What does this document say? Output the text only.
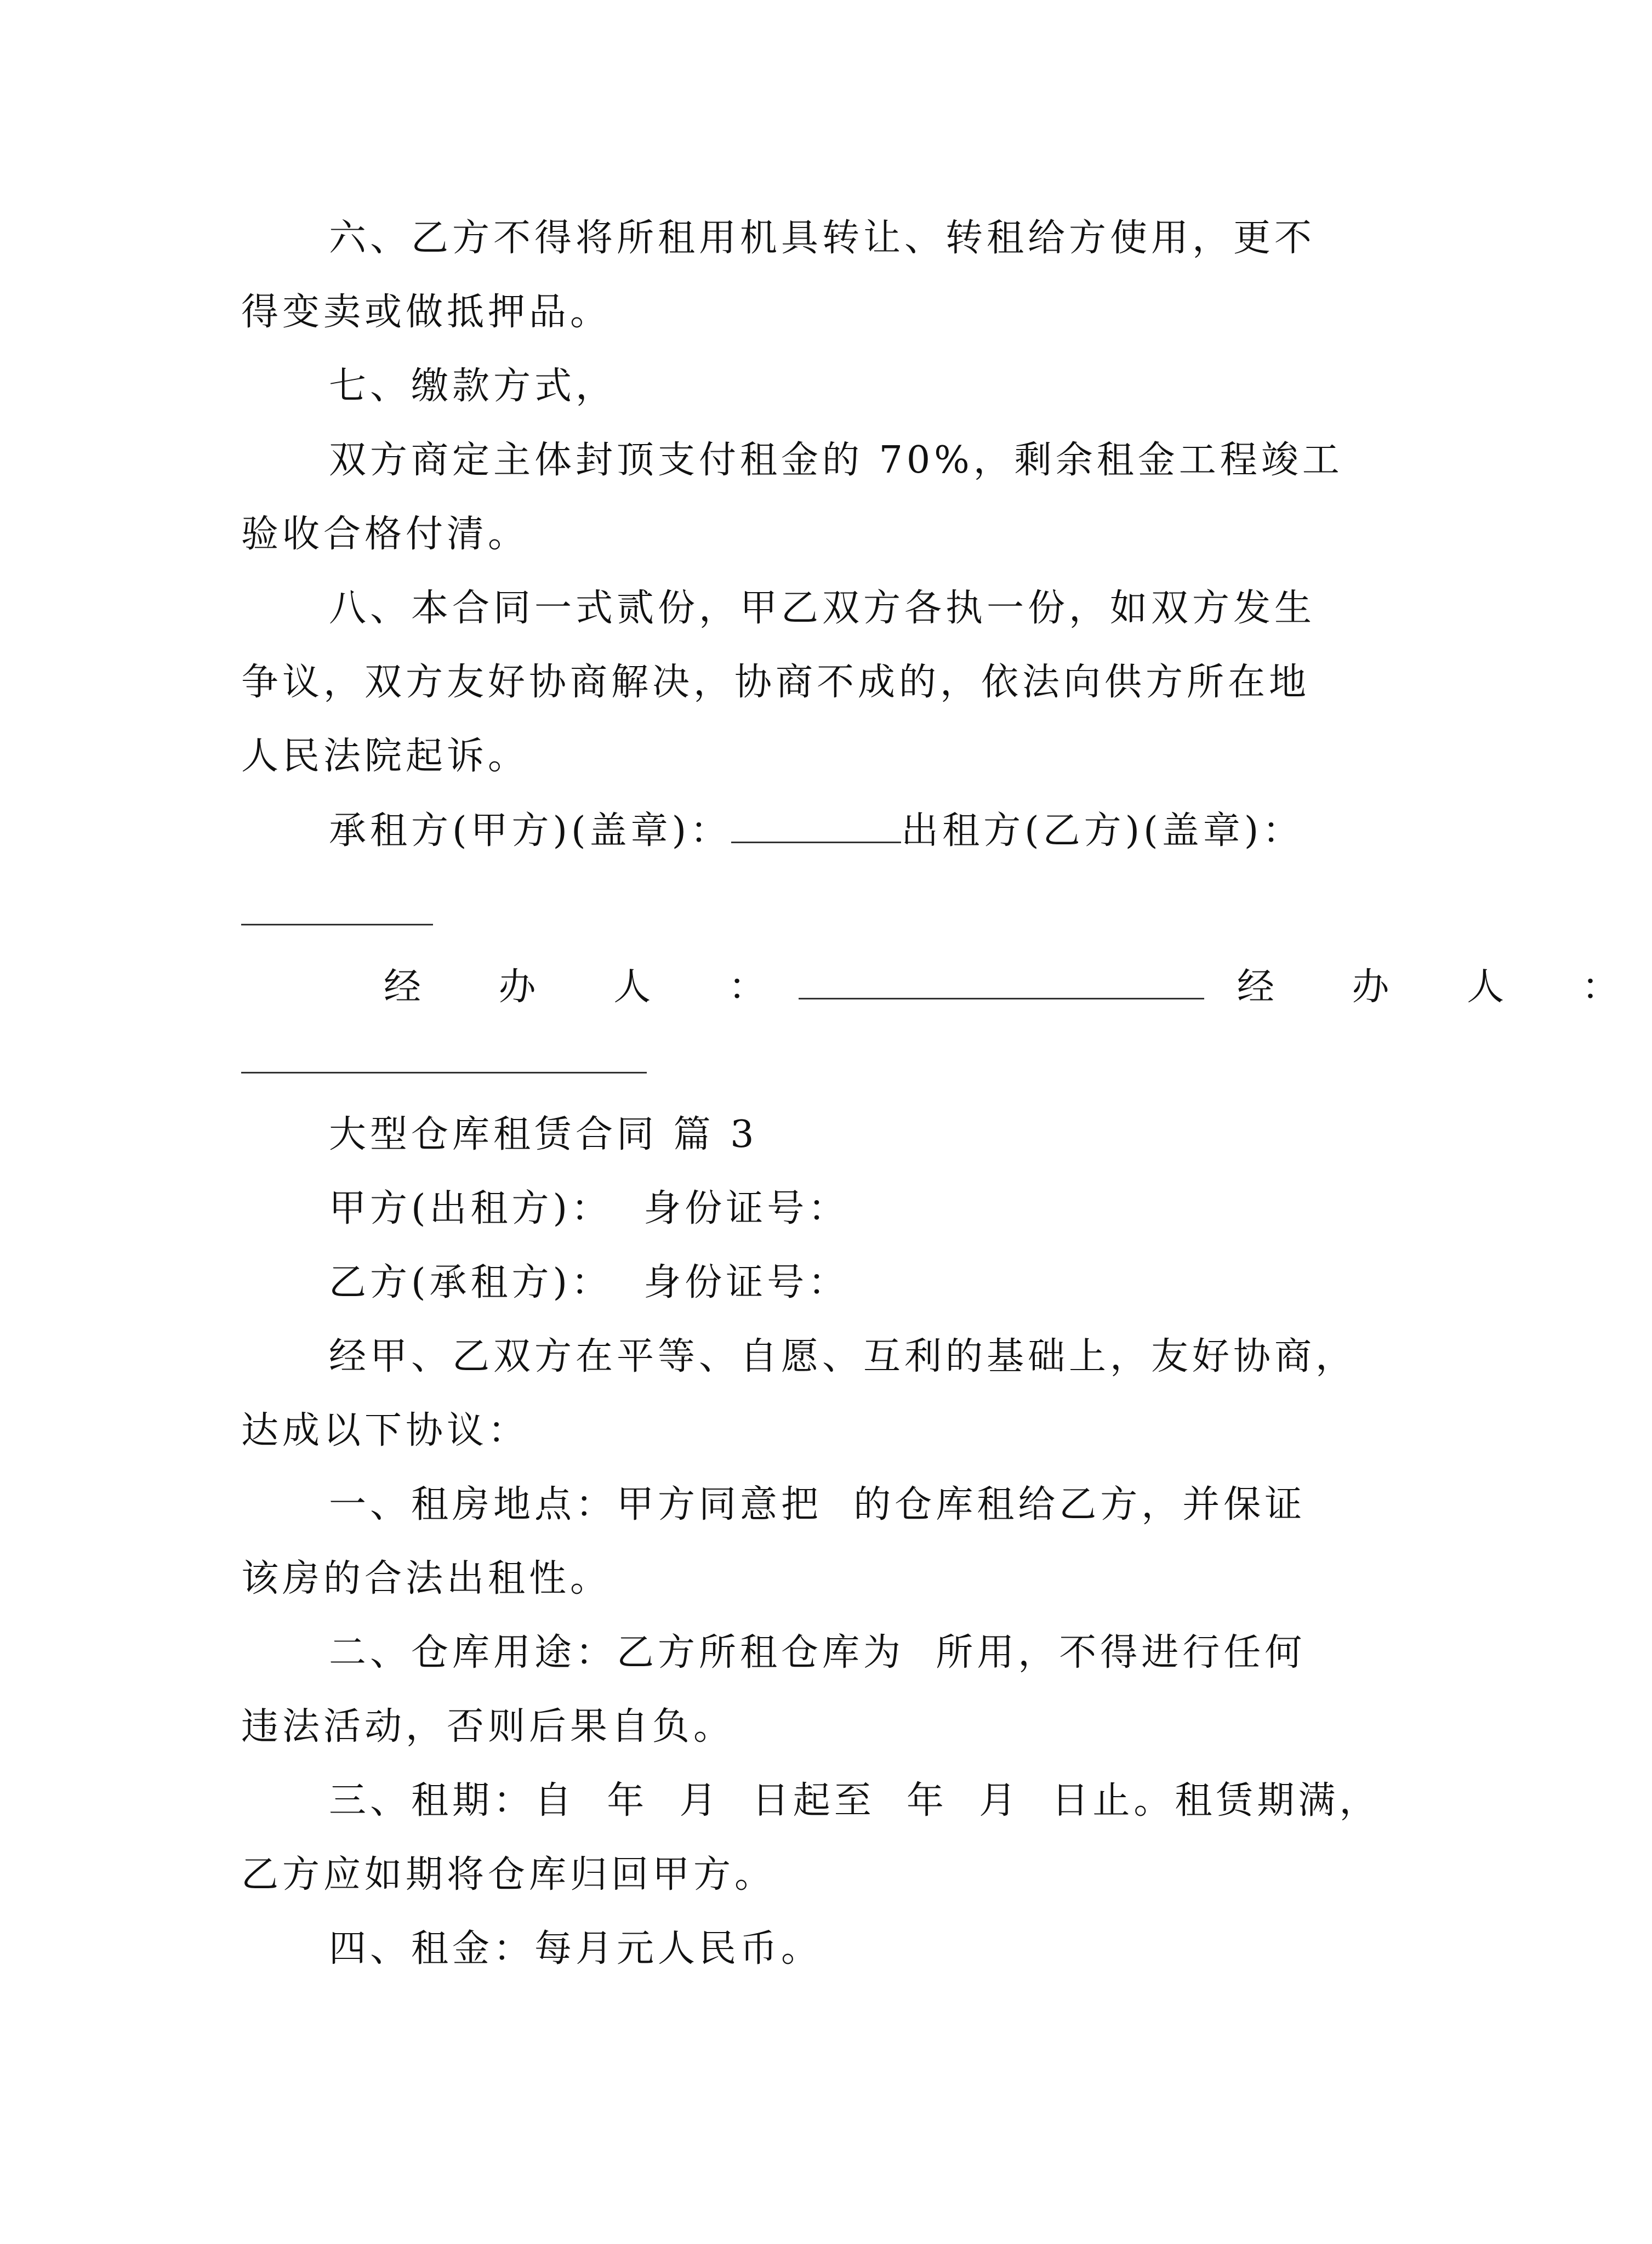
六、乙方不得将所租用机具转让、转租给方使用，更不
得变卖或做抵押品。
七、缴款方式，
双方商定主体封顶支付租金的 70%，剩余租金工程竣工
验收合格付清。
八、本合同一式贰份，甲乙双方各执一份，如双方发生
争议，双方友好协商解决，协商不成的，依法向供方所在地
人民法院起诉。
承租方(甲方)(盖章)：	出租方(乙方)(盖章)：
经 办 人 ：	经 办 人 ：
大型仓库租赁合同 篇 3
甲方(出租方)：  身份证号：
乙方(承租方)：  身份证号：
经甲、乙双方在平等、自愿、互利的基础上，友好协商，
达成以下协议：
一、租房地点：甲方同意把  的仓库租给乙方，并保证
该房的合法出租性。
二、仓库用途：乙方所租仓库为  所用，不得进行任何
违法活动，否则后果自负。
三、租期：自  年  月  日起至  年  月  日止。租赁期满，
乙方应如期将仓库归回甲方。
四、租金：每月元人民币。
